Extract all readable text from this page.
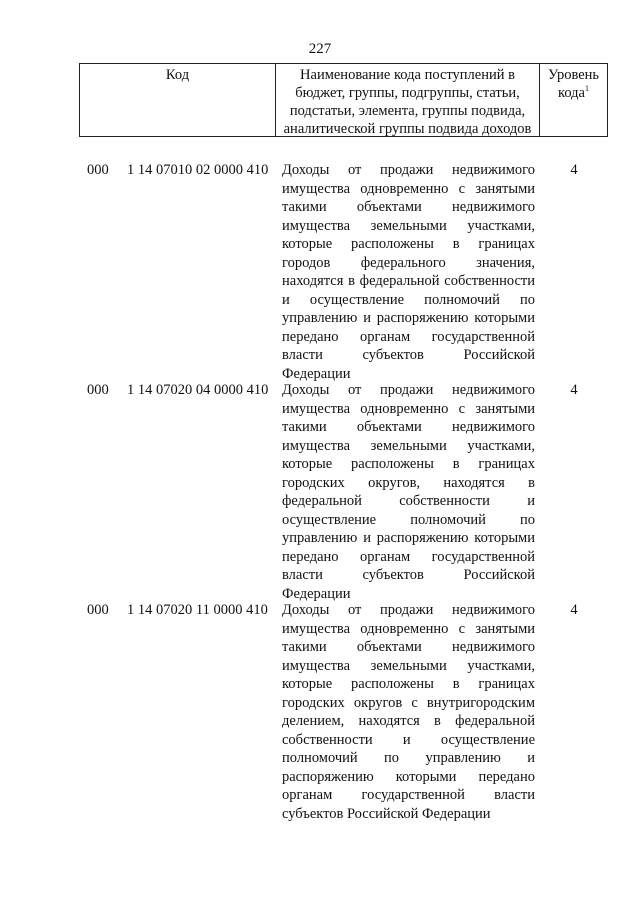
227
Код	Наименование кода поступлений в бюджет, группы, подгруппы, статьи, подстатьи, элемента, группы подвида, аналитической группы подвида доходов
Уровень кода$^1$
000 1 14 07010 02 0000 410 Доходы от продажи недвижимого имущества одновременно с занятыми такими объектами недвижимого имущества земельными участками, которые расположены в границах городов федерального значения, находятся в федеральной собственности и осуществление полномочий по управлению и распоряжению которыми передано органам государственной власти субъектов Российской Федерации
4
000 1 14 07020 04 0000 410 Доходы от продажи недвижимого имущества одновременно с занятыми такими объектами недвижимого имущества земельными участками, которые расположены в границах городских округов, находятся в федеральной собственности и осуществление полномочий по управлению и распоряжению которыми передано органам государственной власти субъектов Российской Федерации
4
000 1 14 07020 11 0000 410 Доходы от продажи недвижимого имущества одновременно с занятыми такими объектами недвижимого имущества земельными участками, которые расположены в границах городских округов с внутригородским делением, находятся в федеральной собственности и осуществление полномочий по управлению и распоряжению которыми передано органам государственной власти субъектов Российской Федерации
4
